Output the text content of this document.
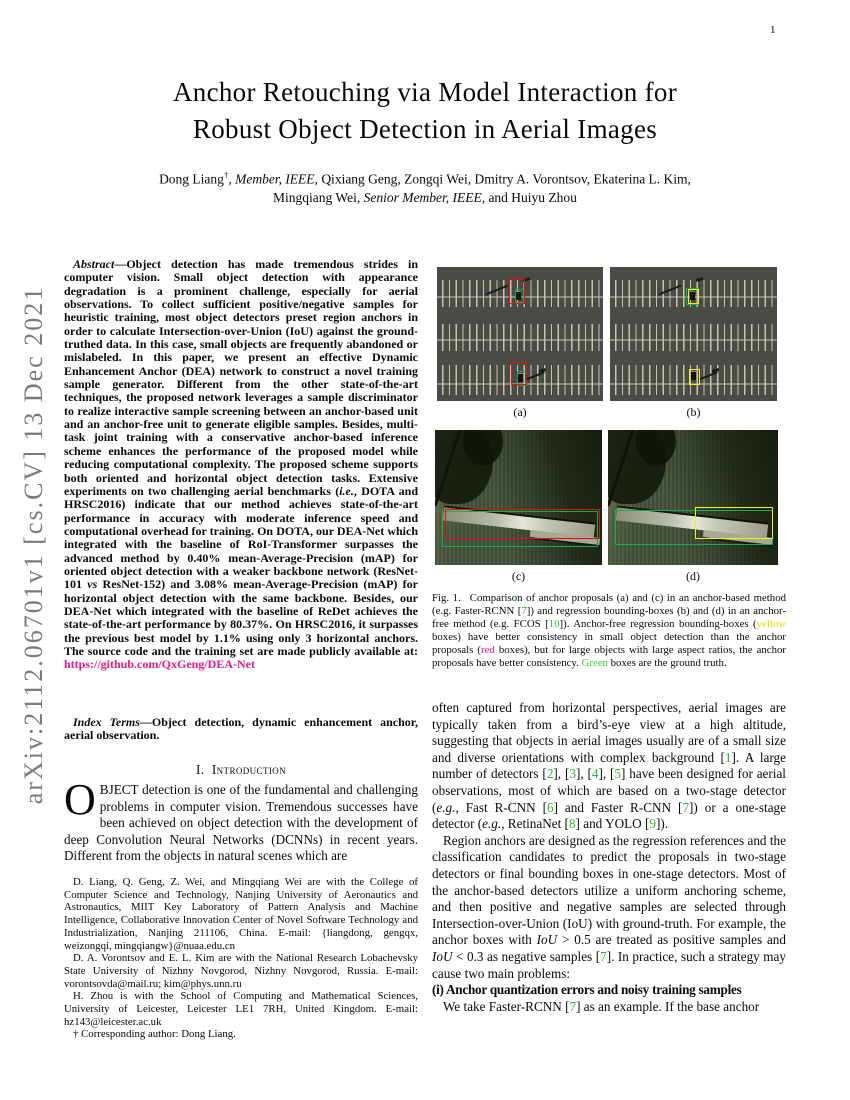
1
arXiv:2112.06701v1 [cs.CV] 13 Dec 2021
Anchor Retouching via Model Interaction for
Robust Object Detection in Aerial Images
Dong Liang†, Member, IEEE, Qixiang Geng, Zongqi Wei, Dmitry A. Vorontsov, Ekaterina L. Kim,
Mingqiang Wei, Senior Member, IEEE, and Huiyu Zhou
Abstract—Object detection has made tremendous strides in computer vision. Small object detection with appearance degradation is a prominent challenge, especially for aerial observations. To collect sufficient positive/negative samples for heuristic training, most object detectors preset region anchors in order to calculate Intersection-over-Union (IoU) against the ground-truthed data. In this case, small objects are frequently abandoned or mislabeled. In this paper, we present an effective Dynamic Enhancement Anchor (DEA) network to construct a novel training sample generator. Different from the other state-of-the-art techniques, the proposed network leverages a sample discriminator to realize interactive sample screening between an anchor-based unit and an anchor-free unit to generate eligible samples. Besides, multi-task joint training with a conservative anchor-based inference scheme enhances the performance of the proposed model while reducing computational complexity. The proposed scheme supports both oriented and horizontal object detection tasks. Extensive experiments on two challenging aerial benchmarks (i.e., DOTA and HRSC2016) indicate that our method achieves state-of-the-art performance in accuracy with moderate inference speed and computational overhead for training. On DOTA, our DEA-Net which integrated with the baseline of RoI-Transformer surpasses the advanced method by 0.40% mean-Average-Precision (mAP) for oriented object detection with a weaker backbone network (ResNet-101 vs ResNet-152) and 3.08% mean-Average-Precision (mAP) for horizontal object detection with the same backbone. Besides, our DEA-Net which integrated with the baseline of ReDet achieves the state-of-the-art performance by 80.37%. On HRSC2016, it surpasses the previous best model by 1.1% using only 3 horizontal anchors. The source code and the training set are made publicly available at: https://github.com/QxGeng/DEA-Net
Index Terms—Object detection, dynamic enhancement anchor, aerial observation.
I. Introduction
OBJECT detection is one of the fundamental and challenging problems in computer vision. Tremendous successes have been achieved on object detection with the development of deep Convolution Neural Networks (DCNNs) in recent years. Different from the objects in natural scenes which are
D. Liang, Q. Geng, Z. Wei, and Mingqiang Wei are with the College of Computer Science and Technology, Nanjing University of Aeronautics and Astronautics, MIIT Key Laboratory of Pattern Analysis and Machine Intelligence, Collaborative Innovation Center of Novel Software Technology and Industrialization, Nanjing 211106, China. E-mail: {liangdong, gengqx, weizongqi, mingqiangw}@nuaa.edu.cn
D. A. Vorontsov and E. L. Kim are with the National Research Lobachevsky State University of Nizhny Novgorod, Nizhny Novgorod, Russia. E-mail: vorontsovda@mail.ru; kim@phys.unn.ru
H. Zhou is with the School of Computing and Mathematical Sciences, University of Leicester, Leicester LE1 7RH, United Kingdom. E-mail: hz143@leicester.ac.uk
† Corresponding author: Dong Liang.
(a)	(b)
(c)	(d)
Fig. 1.  Comparison of anchor proposals (a) and (c) in an anchor-based method (e.g. Faster-RCNN [7]) and regression bounding-boxes (b) and (d) in an anchor-free method (e.g. FCOS [10]). Anchor-free regression bounding-boxes (yellow boxes) have better consistency in small object detection than the anchor proposals (red boxes), but for large objects with large aspect ratios, the anchor proposals have better consistency. Green boxes are the ground truth.
often captured from horizontal perspectives, aerial images are typically taken from a bird’s-eye view at a high altitude, suggesting that objects in aerial images usually are of a small size and diverse orientations with complex background [1]. A large number of detectors [2], [3], [4], [5] have been designed for aerial observations, most of which are based on a two-stage detector (e.g., Fast R-CNN [6] and Faster R-CNN [7]) or a one-stage detector (e.g., RetinaNet [8] and YOLO [9]).
Region anchors are designed as the regression references and the classification candidates to predict the proposals in two-stage detectors or final bounding boxes in one-stage detectors. Most of the anchor-based detectors utilize a uniform anchoring scheme, and then positive and negative samples are selected through Intersection-over-Union (IoU) with ground-truth. For example, the anchor boxes with IoU > 0.5 are treated as positive samples and IoU < 0.3 as negative samples [7]. In practice, such a strategy may cause two main problems:
(i) Anchor quantization errors and noisy training samples
We take Faster-RCNN [7] as an example. If the base anchor
